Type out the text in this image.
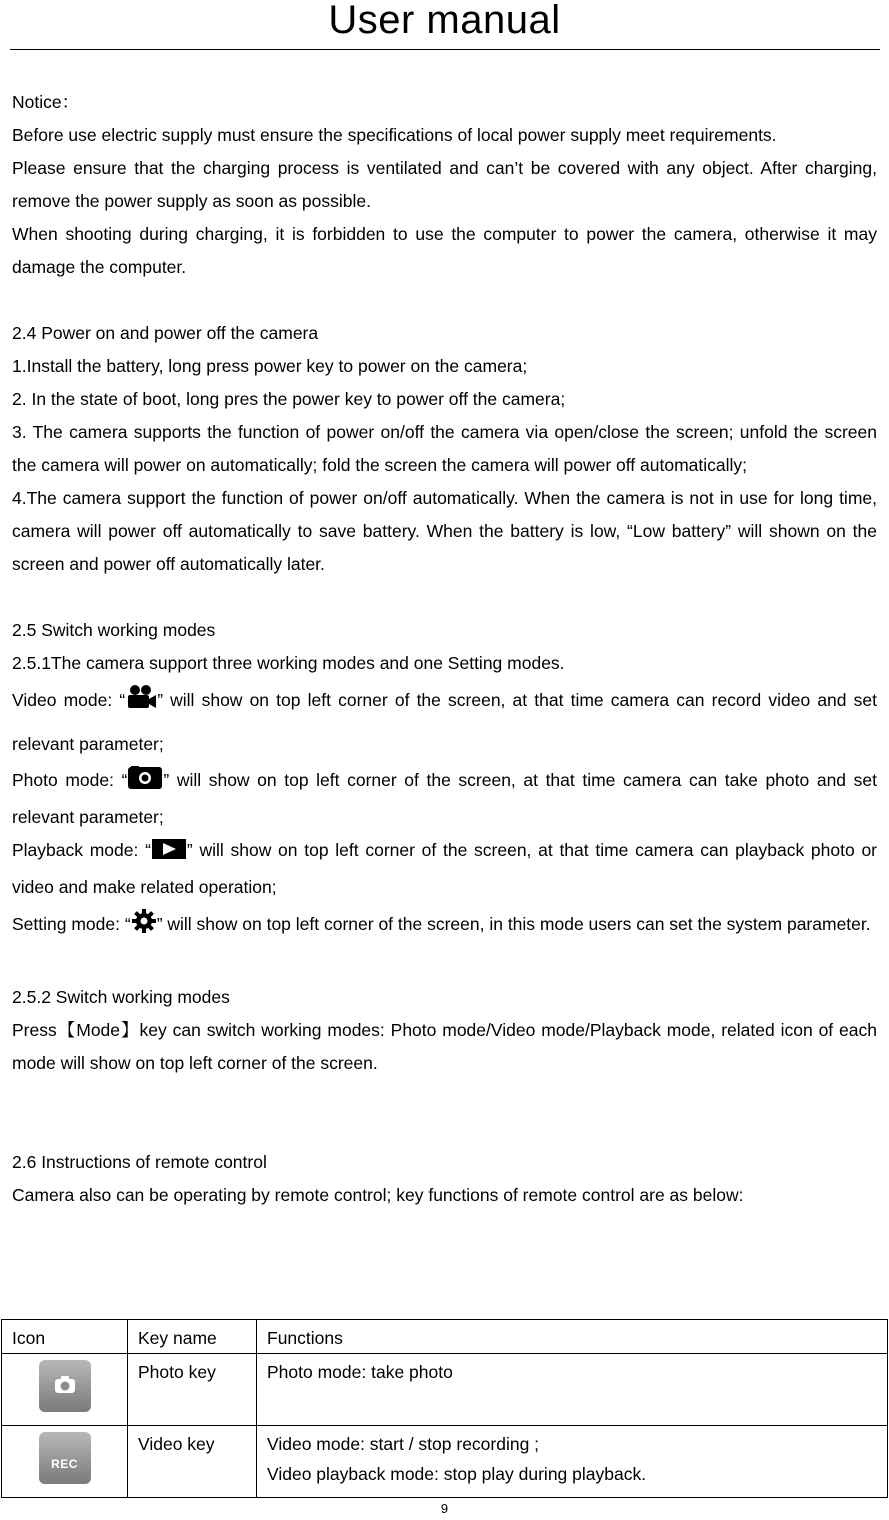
User manual

Notice：

Before use electric supply must ensure the specifications of local power supply meet requirements.

Please ensure that the charging process is ventilated and can’t be covered with any object. After charging, remove the power supply as soon as possible.

When shooting during charging, it is forbidden to use the computer to power the camera, otherwise it may damage the computer.

2.4 Power on and power off the camera

1.Install the battery, long press power key to power on the camera;

2. In the state of boot, long pres the power key to power off the camera;

3. The camera supports the function of power on/off the camera via open/close the screen; unfold the screen the camera will power on automatically; fold the screen the camera will power off automatically;

4.The camera support the function of power on/off automatically. When the camera is not in use for long time, camera will power off automatically to save battery. When the battery is low, “Low battery” will shown on the screen and power off automatically later.

2.5 Switch working modes

2.5.1The camera support three working modes and one Setting modes.

Video mode: “ ” will show on top left corner of the screen, at that time camera can record video and set relevant parameter;

Photo mode: “ ” will show on top left corner of the screen, at that time camera can take photo and set relevant parameter;

Playback mode: “ ” will show on top left corner of the screen, at that time camera can playback photo or video and make related operation;

Setting mode: “ ” will show on top left corner of the screen, in this mode users can set the system parameter.

2.5.2 Switch working modes

Press【Mode】key can switch working modes: Photo mode/Video mode/Playback mode, related icon of each mode will show on top left corner of the screen.

2.6 Instructions of remote control

Camera also can be operating by remote control; key functions of remote control are as below:

Icon	Key name	Functions

	Photo key	Photo mode: take photo

REC	Video key	Video mode: start / stop recording ;
Video playback mode: stop play during playback.
9
